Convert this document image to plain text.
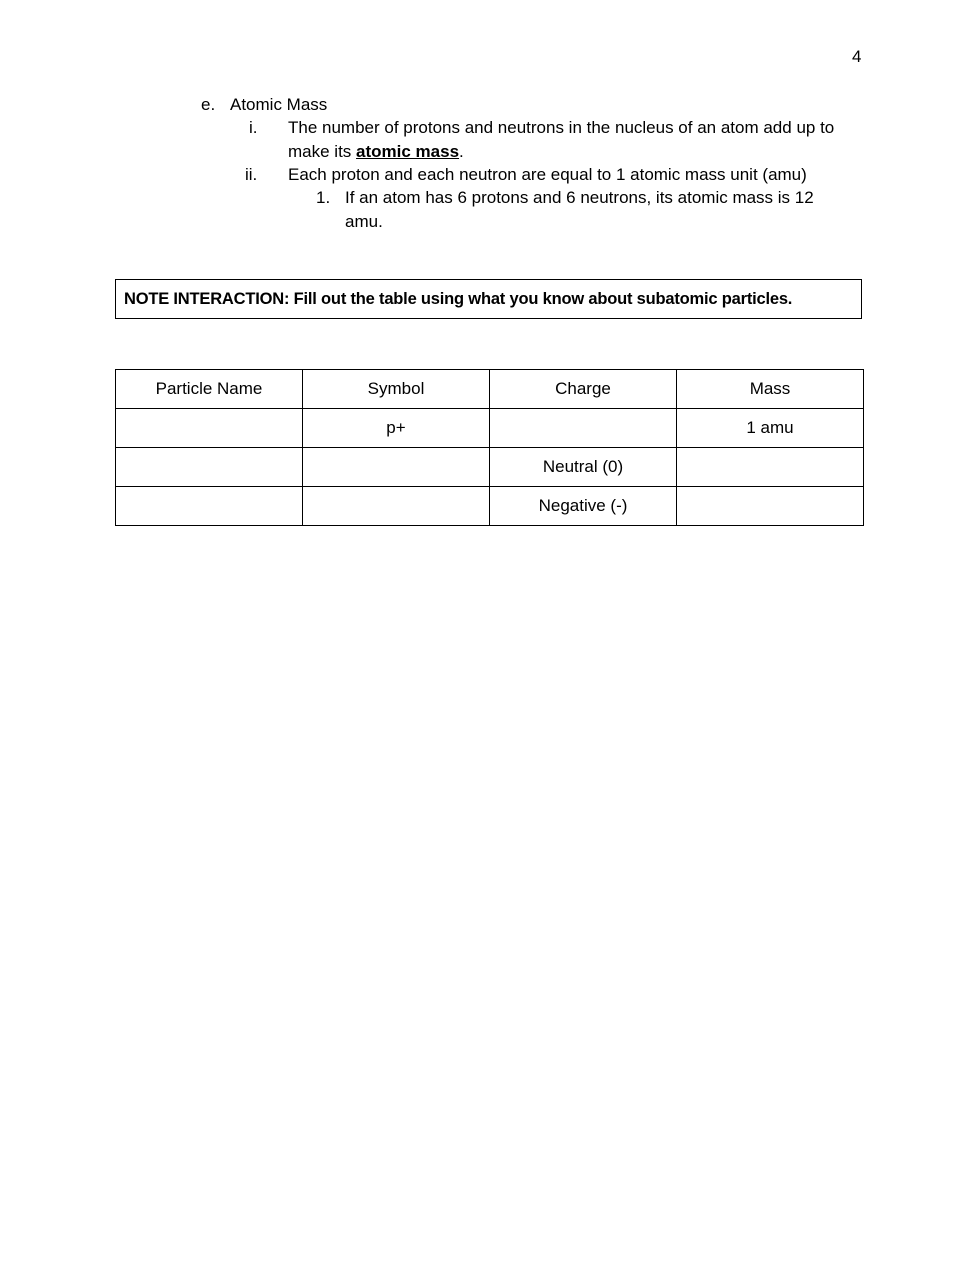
4
e. Atomic Mass
i. The number of protons and neutrons in the nucleus of an atom add up to
make its atomic mass.
ii. Each proton and each neutron are equal to 1 atomic mass unit (amu)
1. If an atom has 6 protons and 6 neutrons, its atomic mass is 12
amu.
NOTE INTERACTION: Fill out the table using what you know about subatomic particles.
Particle Name	Symbol	Charge	Mass
	p+		1 amu
		Neutral (0)	
		Negative (-)	
